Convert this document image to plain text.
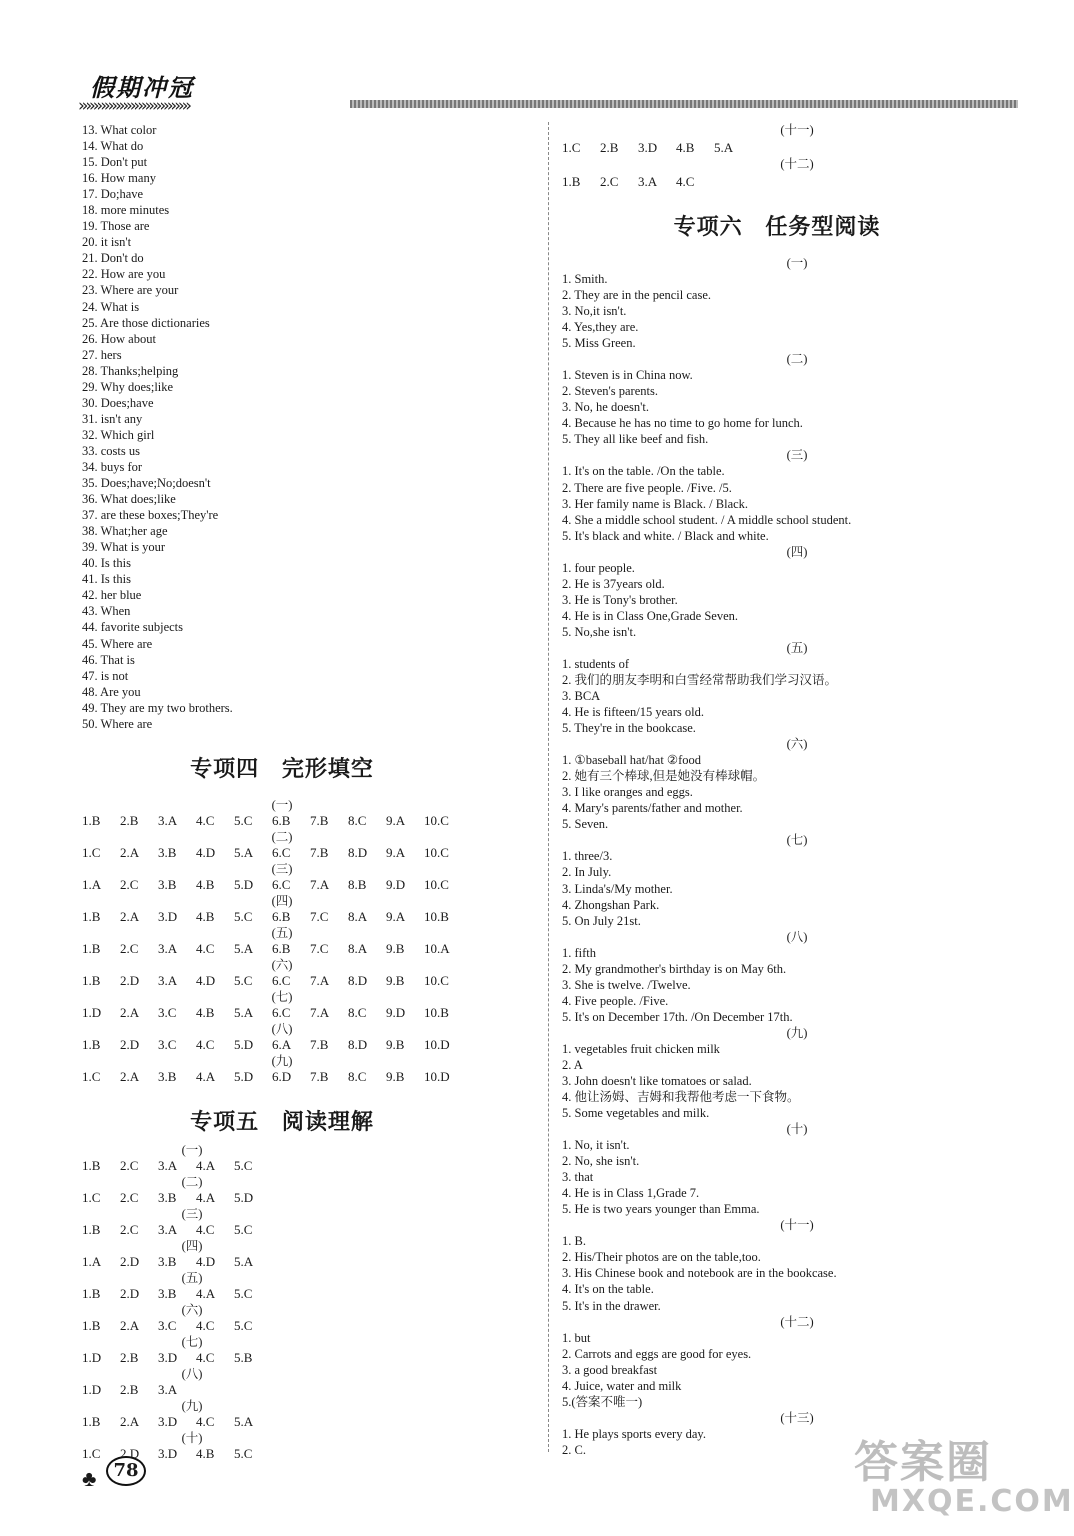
假期冲冠
»»»»»»»»»»»»»»»
13. What color
14. What do
15. Don't put
16. How many
17. Do;have
18. more minutes
19. Those are
20. it isn't
21. Don't do
22. How are you
23. Where are your
24. What is
25. Are those dictionaries
26. How about
27. hers
28. Thanks;helping
29. Why does;like
30. Does;have
31. isn't any
32. Which girl
33. costs us
34. buys for
35. Does;have;No;doesn't
36. What does;like
37. are these boxes;They're
38. What;her age
39. What is your
40. Is this
41. Is this
42. her blue
43. When
44. favorite subjects
45. Where are
46. That is
47. is not
48. Are you
49. They are my two brothers.
50. Where are
专项四 完形填空
(一)
1.B	2.B	3.A	4.C	5.C	6.B	7.B	8.C	9.A	10.C
(二)
1.C	2.A	3.B	4.D	5.A	6.C	7.B	8.D	9.A	10.C
(三)
1.A	2.C	3.B	4.B	5.D	6.C	7.A	8.B	9.D	10.C
(四)
1.B	2.A	3.D	4.B	5.C	6.B	7.C	8.A	9.A	10.B
(五)
1.B	2.C	3.A	4.C	5.A	6.B	7.C	8.A	9.B	10.A
(六)
1.B	2.D	3.A	4.D	5.C	6.C	7.A	8.D	9.B	10.C
(七)
1.D	2.A	3.C	4.B	5.A	6.C	7.A	8.C	9.D	10.B
(八)
1.B	2.D	3.C	4.C	5.D	6.A	7.B	8.D	9.B	10.D
(九)
1.C	2.A	3.B	4.A	5.D	6.D	7.B	8.C	9.B	10.D
专项五 阅读理解
(一)
1.B	2.C	3.A	4.A	5.C
(二)
1.C	2.C	3.B	4.A	5.D
(三)
1.B	2.C	3.A	4.C	5.C
(四)
1.A	2.D	3.B	4.D	5.A
(五)
1.B	2.D	3.B	4.A	5.C
(六)
1.B	2.A	3.C	4.C	5.C
(七)
1.D	2.B	3.D	4.C	5.B
(八)
1.D	2.B	3.A
(九)
1.B	2.A	3.D	4.C	5.A
(十)
1.C	2.D	3.D	4.B	5.C
(十一)
1.C	2.B	3.D	4.B	5.A
(十二)
1.B	2.C	3.A	4.C
专项六 任务型阅读
(一)
1. Smith.
2. They are in the pencil case.
3. No,it isn't.
4. Yes,they are.
5. Miss Green.
(二)
1. Steven is in China now.
2. Steven's parents.
3. No, he doesn't.
4. Because he has no time to go home for lunch.
5. They all like beef and fish.
(三)
1. It's on the table. /On the table.
2. There are five people. /Five. /5.
3. Her family name is Black. / Black.
4. She a middle school student. / A middle school student.
5. It's black and white. / Black and white.
(四)
1. four people.
2. He is 37years old.
3. He is Tony's brother.
4. He is in Class One,Grade Seven.
5. No,she isn't.
(五)
1. students of
2. 我们的朋友李明和白雪经常帮助我们学习汉语。
3. BCA
4. He is fifteen/15 years old.
5. They're in the bookcase.
(六)
1. ①baseball hat/hat ②food
2. 她有三个棒球,但是她没有棒球帽。
3. I like oranges and eggs.
4. Mary's parents/father and mother.
5. Seven.
(七)
1. three/3.
2. In July.
3. Linda's/My mother.
4. Zhongshan Park.
5. On July 21st.
(八)
1. fifth
2. My grandmother's birthday is on May 6th.
3. She is twelve. /Twelve.
4. Five people. /Five.
5. It's on December 17th. /On December 17th.
(九)
1. vegetables fruit chicken milk
2. A
3. John doesn't like tomatoes or salad.
4. 他让汤姆、吉姆和我帮他考虑一下食物。
5. Some vegetables and milk.
(十)
1. No, it isn't.
2. No, she isn't.
3. that
4. He is in Class 1,Grade 7.
5. He is two years younger than Emma.
(十一)
1. B.
2. His/Their photos are on the table,too.
3. His Chinese book and notebook are in the bookcase.
4. It's on the table.
5. It's in the drawer.
(十二)
1. but
2. Carrots and eggs are good for eyes.
3. a good breakfast
4. Juice, water and milk
5.(答案不唯一)
(十三)
1. He plays sports every day.
2. C.
♣ 78	答案圈
MXQE.COM
